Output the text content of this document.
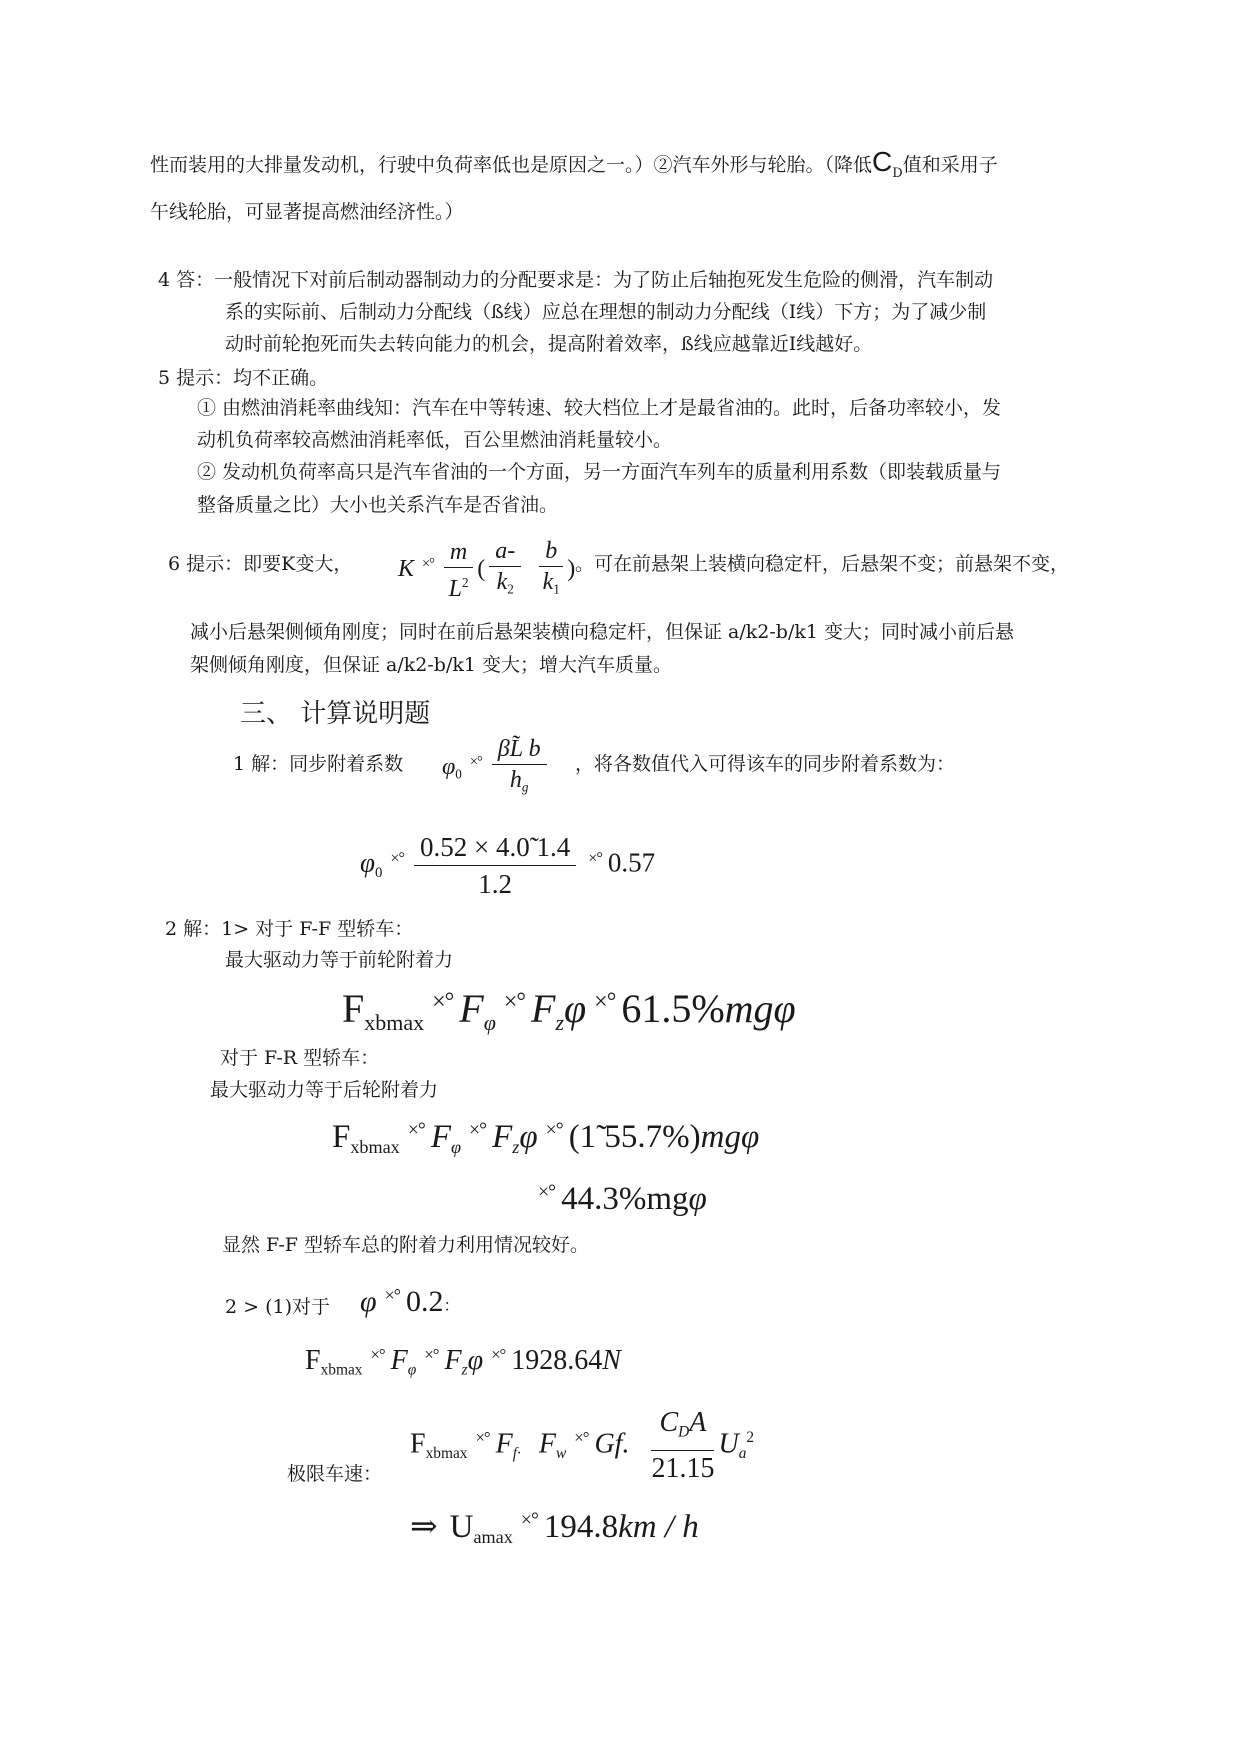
性而装用的大排量发动机，行驶中负荷率低也是原因之一。）②汽车外形与轮胎。（降低$C_D$值和采用子
午线轮胎，可显著提高燃油经济性。）
4 答：一般情况下对前后制动器制动力的分配要求是：为了防止后轴抱死发生危险的侧滑，汽车制动
系的实际前、后制动力分配线（ß线）应总在理想的制动力分配线（I线）下方；为了减少制
动时前轮抱死而失去转向能力的机会，提高附着效率，ß线应越靠近I线越好。
5 提示：均不正确。
① 由燃油消耗率曲线知：汽车在中等转速、较大档位上才是最省油的。此时，后备功率较小，发
动机负荷率较高燃油消耗率低，百公里燃油消耗量较小。
② 发动机负荷率高只是汽车省油的一个方面，另一方面汽车列车的质量利用系数（即装载质量与
整备质量之比）大小也关系汽车是否省油。
6 提示：即要K变大， K $^{\times^\circ} \frac{m}{L^2}$ ( $\frac{a-}{k_2} \frac{b}{k_1}$ ) 。可在前悬架上装横向稳定杆，后悬架不变；前悬架不变，
减小后悬架侧倾角刚度；同时在前后悬架装横向稳定杆，但保证 a/k2-b/k1 变大；同时减小前后悬
架侧倾角刚度，但保证 a/k2-b/k1 变大；增大汽车质量。
三、 计算说明题
1 解：同步附着系数 $\varphi_0^{\times^\circ} \frac{\beta L̃ b}{hg}$ ，将各数值代入可得该车的同步附着系数为：
$\varphi_0^{\times^\circ} \frac{0.52 \times 4.0̃ 1.4}{1.2} ^{\times^\circ}$ 0.57
2 解：1> 对于 F-F 型轿车：
最大驱动力等于前轮附着力
$F_{xbmax}^{\times^\circ}$ Fφ×° Fzφ ×° 61.5%mgφ
对于 F-R 型轿车：
最大驱动力等于后轮附着力
$F_{xbmax}^{\times^\circ}$ Fφ×° Fzφ ×° (1̃ 55.7%)mgφ
×° 44.3%mgφ
显然 F-F 型轿车总的附着力利用情况较好。
2 > (1)对于 φ ×° 0.2：
$F_{xbmax}^{\times^\circ}$ Fφ×° Fzφ ×° 1928.64N
极限车速：
$F_{xbmax}^{\times^\circ}$ Ff· Fw×° Gf. $\frac{\text{CDA}}{21.15} Ua^2$
⇒ $U_{amax}^{\times^\circ}$ 194.8km / h
